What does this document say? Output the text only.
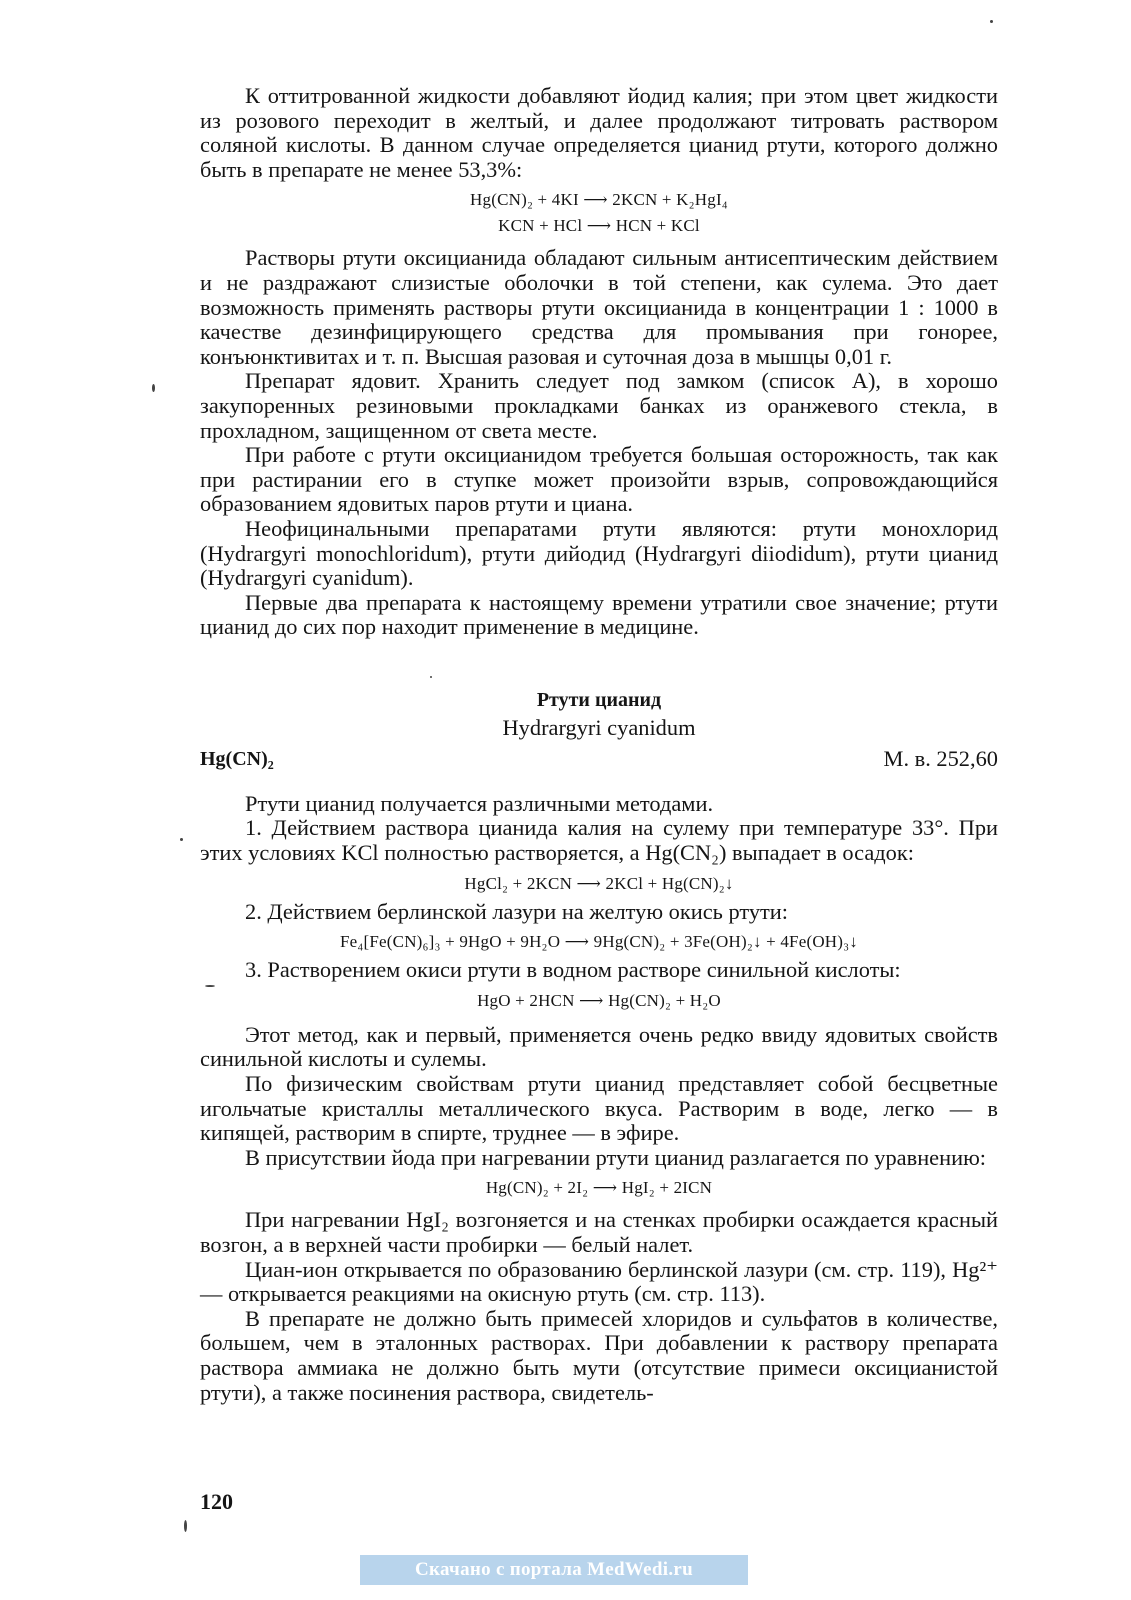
К оттитрованной жидкости добавляют йодид калия; при этом цвет жидкости из розового переходит в желтый, и далее продолжают титровать раствором соляной кислоты. В данном случае определяется цианид ртути, которого должно быть в препарате не менее 53,3%:

Hg(CN)₂ + 4KI ⟶ 2KCN + K₂HgI₄
KCN + HCl ⟶ HCN + KCl

Растворы ртути оксицианида обладают сильным антисептическим действием и не раздражают слизистые оболочки в той степени, как сулема. Это дает возможность применять растворы ртути оксицианида в концентрации 1 : 1000 в качестве дезинфицирующего средства для промывания при гонорее, конъюнктивитах и т. п. Высшая разовая и суточная доза в мышцы 0,01 г.

Препарат ядовит. Хранить следует под замком (список А), в хорошо закупоренных резиновыми прокладками банках из оранжевого стекла, в прохладном, защищенном от света месте.

При работе с ртути оксицианидом требуется большая осторожность, так как при растирании его в ступке может произойти взрыв, сопровождающийся образованием ядовитых паров ртути и циана.

Неофицинальными препаратами ртути являются: ртути монохлорид (Hydrargyri monochloridum), ртути дийодид (Hydrargyri diiodidum), ртути цианид (Hydrargyri cyanidum).

Первые два препарата к настоящему времени утратили свое значение; ртути цианид до сих пор находит применение в медицине.

Ртути цианид
Hydrargyri cyanidum
Hg(CN)₂	М. в. 252,60

Ртути цианид получается различными методами.

1. Действием раствора цианида калия на сулему при температуре 33°. При этих условиях KCl полностью растворяется, а Hg(CN₂) выпадает в осадок:

HgCl₂ + 2KCN ⟶ 2KCl + Hg(CN)₂↓

2. Действием берлинской лазури на желтую окись ртути:

Fe₄[Fe(CN)₆]₃ + 9HgO + 9H₂O ⟶ 9Hg(CN)₂ + 3Fe(OH)₂↓ + 4Fe(OH)₃↓

3. Растворением окиси ртути в водном растворе синильной кислоты:

HgO + 2HCN ⟶ Hg(CN)₂ + H₂O

Этот метод, как и первый, применяется очень редко ввиду ядовитых свойств синильной кислоты и сулемы.

По физическим свойствам ртути цианид представляет собой бесцветные игольчатые кристаллы металлического вкуса. Растворим в воде, легко — в кипящей, растворим в спирте, труднее — в эфире.

В присутствии йода при нагревании ртути цианид разлагается по уравнению:

Hg(CN)₂ + 2I₂ ⟶ HgI₂ + 2ICN

При нагревании HgI₂ возгоняется и на стенках пробирки осаждается красный возгон, а в верхней части пробирки — белый налет.

Циан-ион открывается по образованию берлинской лазури (см. стр. 119), Hg²⁺ — открывается реакциями на окисную ртуть (см. стр. 113).

В препарате не должно быть примесей хлоридов и сульфатов в количестве, большем, чем в эталонных растворах. При добавлении к раствору препарата раствора аммиака не должно быть мути (отсутствие примеси оксицианистой ртути), а также посинения раствора, свидетель-

120
Скачано с портала MedWedi.ru
